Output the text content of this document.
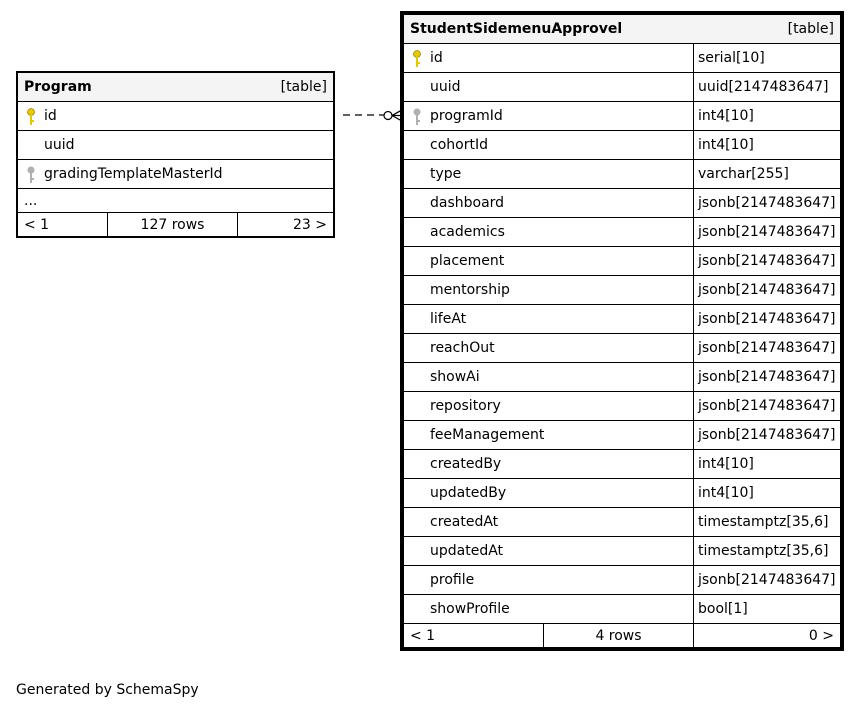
Program	[table]

id
uuid

gradingTemplateMasterId
...
< 1	127 rows	23 >
StudentSidemenuApprovel [table]		

id		serial[10]
uuid		uuid[2147483647]

programId		int4[10]
cohortId		int4[10]
type		varchar[255]
dashboard		jsonb[2147483647]
academics		jsonb[2147483647]
placement		jsonb[2147483647]
mentorship		jsonb[2147483647]
lifeAt		jsonb[2147483647]
reachOut		jsonb[2147483647]
showAi		jsonb[2147483647]
repository		jsonb[2147483647]
feeManagement		jsonb[2147483647]
createdBy		int4[10]
updatedBy		int4[10]
createdAt		timestamptz[35,6]
updatedAt		timestamptz[35,6]
profile		jsonb[2147483647]
showProfile		bool[1]
< 1	4 rows	0 >
Generated by SchemaSpy
